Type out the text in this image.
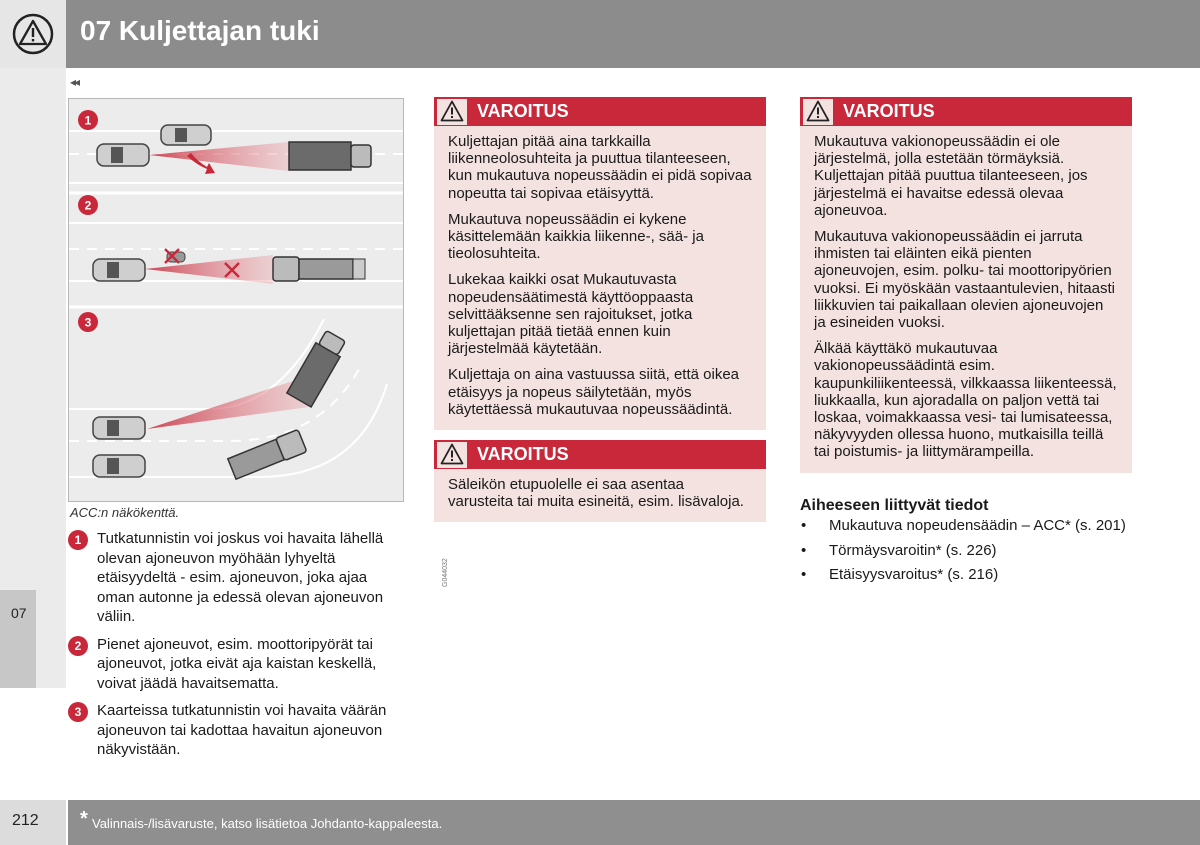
07 Kuljettajan tuki
07
◂◂
1
2
3
G044032
ACC:n näkökenttä.
1	Tutkatunnistin voi joskus voi havaita lähellä olevan ajoneuvon myöhään lyhyeltä etäisyydeltä - esim. ajoneuvon, joka ajaa oman autonne ja edessä olevan ajoneuvon väliin.
2	Pienet ajoneuvot, esim. moottoripyörät tai ajoneuvot, jotka eivät aja kaistan keskellä, voivat jäädä havaitsematta.
3	Kaarteissa tutkatunnistin voi havaita väärän ajoneuvon tai kadottaa havaitun ajoneuvon näkyvistään.
VAROITUS

Kuljettajan pitää aina tarkkailla liikenneolosuhteita ja puuttua tilanteeseen, kun mukautuva nopeussäädin ei pidä sopivaa nopeutta tai sopivaa etäisyyttä.

Mukautuva nopeussäädin ei kykene käsittelemään kaikkia liikenne-, sää- ja tieolosuhteita.

Lukekaa kaikki osat Mukautuvasta nopeudensäätimestä käyttöoppaasta selvittääksenne sen rajoitukset, jotka kuljettajan pitää tietää ennen kuin järjestelmää käytetään.

Kuljettaja on aina vastuussa siitä, että oikea etäisyys ja nopeus säilytetään, myös käytettäessä mukautuvaa nopeussäädintä.

VAROITUS

Säleikön etupuolelle ei saa asentaa varusteita tai muita esineitä, esim. lisävaloja.

VAROITUS

Mukautuva vakionopeussäädin ei ole järjestelmä, jolla estetään törmäyksiä. Kuljettajan pitää puuttua tilanteeseen, jos järjestelmä ei havaitse edessä olevaa ajoneuvoa.

Mukautuva vakionopeussäädin ei jarruta ihmisten tai eläinten eikä pienten ajoneuvojen, esim. polku- tai moottoripyörien vuoksi. Ei myöskään vastaantulevien, hitaasti liikkuvien tai paikallaan olevien ajoneuvojen ja esineiden vuoksi.

Älkää käyttäkö mukautuvaa vakionopeussäädintä esim. kaupunkiliikenteessä, vilkkaassa liikenteessä, liukkaalla, kun ajoradalla on paljon vettä tai loskaa, voimakkaassa vesi- tai lumisateessa, näkyvyyden ollessa huono, mutkaisilla teillä tai poistumis- ja liittymärampeilla.

Aiheeseen liittyvät tiedot
•	Mukautuva nopeudensäädin – ACC* (s. 201)
•	Törmäysvaroitin* (s. 226)
•	Etäisyysvaroitus* (s. 216)
212 * Valinnais-/lisävaruste, katso lisätietoa Johdanto-kappaleesta.
